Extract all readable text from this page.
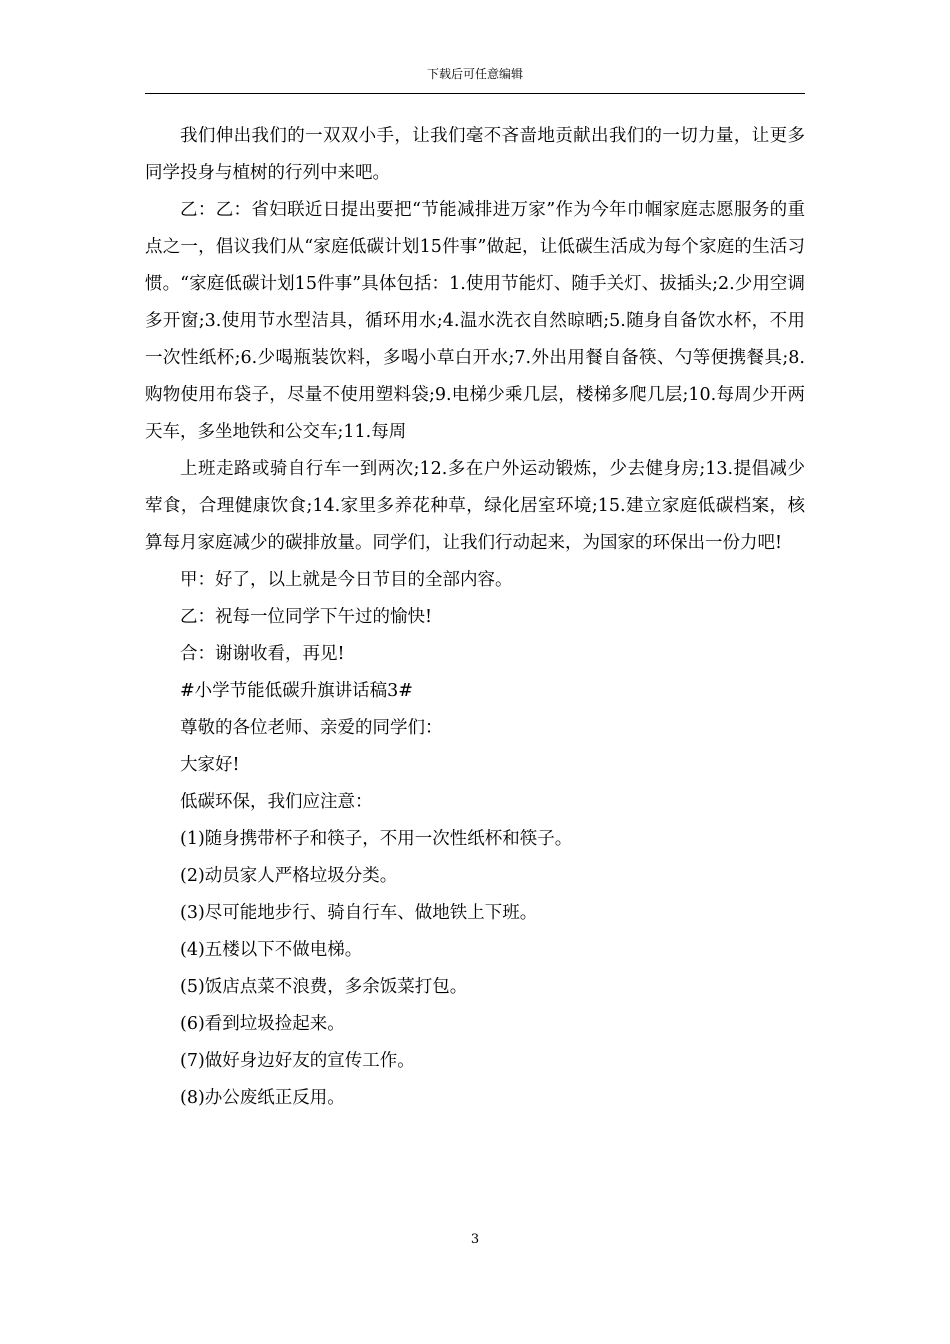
下载后可任意编辑

我们伸出我们的一双双小手，让我们毫不吝啬地贡献出我们的一切力量，让更多同学投身与植树的行列中来吧。

乙：乙：省妇联近日提出要把“节能减排进万家”作为今年巾帼家庭志愿服务的重点之一，倡议我们从“家庭低碳计划15件事”做起，让低碳生活成为每个家庭的生活习惯。“家庭低碳计划15件事”具体包括：1.使用节能灯、随手关灯、拔插头;2.少用空调多开窗;3.使用节水型洁具，循环用水;4.温水洗衣自然晾晒;5.随身自备饮水杯，不用一次性纸杯;6.少喝瓶装饮料，多喝小草白开水;7.外出用餐自备筷、勺等便携餐具;8.购物使用布袋子，尽量不使用塑料袋;9.电梯少乘几层，楼梯多爬几层;10.每周少开两天车，多坐地铁和公交车;11.每周

上班走路或骑自行车一到两次;12.多在户外运动锻炼，少去健身房;13.提倡减少荤食，合理健康饮食;14.家里多养花种草，绿化居室环境;15.建立家庭低碳档案，核算每月家庭减少的碳排放量。同学们，让我们行动起来，为国家的环保出一份力吧!

甲：好了，以上就是今日节目的全部内容。

乙：祝每一位同学下午过的愉快!

合：谢谢收看，再见!

#小学节能低碳升旗讲话稿3#

尊敬的各位老师、亲爱的同学们：

大家好!

低碳环保，我们应注意：

(1)随身携带杯子和筷子，不用一次性纸杯和筷子。

(2)动员家人严格垃圾分类。

(3)尽可能地步行、骑自行车、做地铁上下班。

(4)五楼以下不做电梯。

(5)饭店点菜不浪费，多余饭菜打包。

(6)看到垃圾捡起来。

(7)做好身边好友的宣传工作。

(8)办公废纸正反用。

3
